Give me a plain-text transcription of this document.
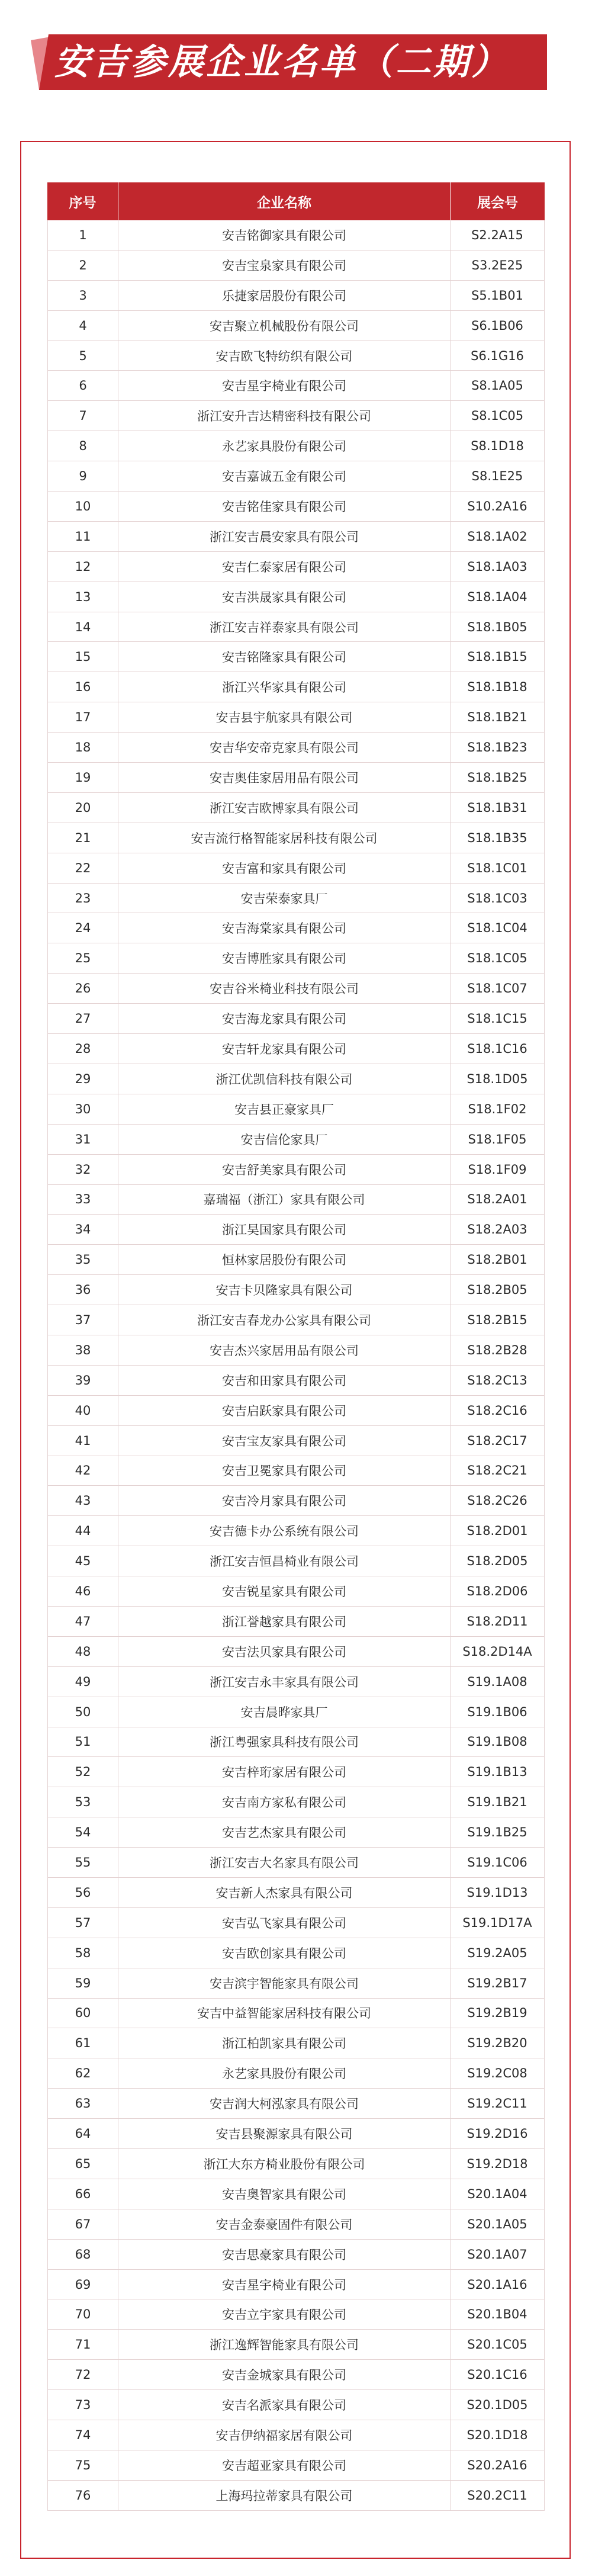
安吉参展企业名单（二期）
序号	企业名称	展会号
1	安吉铭御家具有限公司	S2.2A15
2	安吉宝泉家具有限公司	S3.2E25
3	乐捷家居股份有限公司	S5.1B01
4	安吉聚立机械股份有限公司	S6.1B06
5	安吉欧飞特纺织有限公司	S6.1G16
6	安吉星宇椅业有限公司	S8.1A05
7	浙江安升吉达精密科技有限公司	S8.1C05
8	永艺家具股份有限公司	S8.1D18
9	安吉嘉诚五金有限公司	S8.1E25
10	安吉铭佳家具有限公司	S10.2A16
11	浙江安吉晨安家具有限公司	S18.1A02
12	安吉仁泰家居有限公司	S18.1A03
13	安吉洪晟家具有限公司	S18.1A04
14	浙江安吉祥泰家具有限公司	S18.1B05
15	安吉铭隆家具有限公司	S18.1B15
16	浙江兴华家具有限公司	S18.1B18
17	安吉县宇航家具有限公司	S18.1B21
18	安吉华安帝克家具有限公司	S18.1B23
19	安吉奥佳家居用品有限公司	S18.1B25
20	浙江安吉欧博家具有限公司	S18.1B31
21	安吉流行格智能家居科技有限公司	S18.1B35
22	安吉富和家具有限公司	S18.1C01
23	安吉荣泰家具厂	S18.1C03
24	安吉海棠家具有限公司	S18.1C04
25	安吉博胜家具有限公司	S18.1C05
26	安吉谷米椅业科技有限公司	S18.1C07
27	安吉海龙家具有限公司	S18.1C15
28	安吉轩龙家具有限公司	S18.1C16
29	浙江优凯信科技有限公司	S18.1D05
30	安吉县正豪家具厂	S18.1F02
31	安吉信伦家具厂	S18.1F05
32	安吉舒美家具有限公司	S18.1F09
33	嘉瑞福（浙江）家具有限公司	S18.2A01
34	浙江昊国家具有限公司	S18.2A03
35	恒林家居股份有限公司	S18.2B01
36	安吉卡贝隆家具有限公司	S18.2B05
37	浙江安吉春龙办公家具有限公司	S18.2B15
38	安吉杰兴家居用品有限公司	S18.2B28
39	安吉和田家具有限公司	S18.2C13
40	安吉启跃家具有限公司	S18.2C16
41	安吉宝友家具有限公司	S18.2C17
42	安吉卫冕家具有限公司	S18.2C21
43	安吉冷月家具有限公司	S18.2C26
44	安吉德卡办公系统有限公司	S18.2D01
45	浙江安吉恒昌椅业有限公司	S18.2D05
46	安吉锐星家具有限公司	S18.2D06
47	浙江誉越家具有限公司	S18.2D11
48	安吉法贝家具有限公司	S18.2D14A
49	浙江安吉永丰家具有限公司	S19.1A08
50	安吉晨晔家具厂	S19.1B06
51	浙江粤强家具科技有限公司	S19.1B08
52	安吉梓珩家居有限公司	S19.1B13
53	安吉南方家私有限公司	S19.1B21
54	安吉艺杰家具有限公司	S19.1B25
55	浙江安吉大名家具有限公司	S19.1C06
56	安吉新人杰家具有限公司	S19.1D13
57	安吉弘飞家具有限公司	S19.1D17A
58	安吉欧创家具有限公司	S19.2A05
59	安吉滨宇智能家具有限公司	S19.2B17
60	安吉中益智能家居科技有限公司	S19.2B19
61	浙江柏凯家具有限公司	S19.2B20
62	永艺家具股份有限公司	S19.2C08
63	安吉润大柯泓家具有限公司	S19.2C11
64	安吉县聚源家具有限公司	S19.2D16
65	浙江大东方椅业股份有限公司	S19.2D18
66	安吉奥智家具有限公司	S20.1A04
67	安吉金泰豪固件有限公司	S20.1A05
68	安吉思豪家具有限公司	S20.1A07
69	安吉星宇椅业有限公司	S20.1A16
70	安吉立宇家具有限公司	S20.1B04
71	浙江逸辉智能家具有限公司	S20.1C05
72	安吉金城家具有限公司	S20.1C16
73	安吉名派家具有限公司	S20.1D05
74	安吉伊纳福家居有限公司	S20.1D18
75	安吉超亚家具有限公司	S20.2A16
76	上海玛拉蒂家具有限公司	S20.2C11
